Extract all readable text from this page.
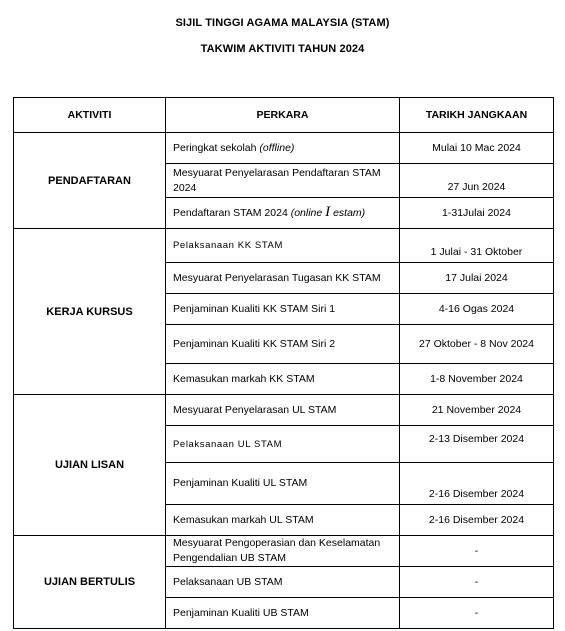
SIJIL TINGGI AGAMA MALAYSIA (STAM)
TAKWIM AKTIVITI TAHUN 2024
AKTIVITI	PERKARA	TARIKH JANGKAAN
PENDAFTARAN	Peringkat sekolah (offline)	Mulai 10 Mac 2024
	Mesyuarat Penyelarasan Pendaftaran STAM 2024	27 Jun 2024
	Pendaftaran STAM 2024 (online I estam)	1-31Julai 2024
KERJA KURSUS	Pelaksanaan KK STAM	1 Julai - 31 Oktober
	Mesyuarat Penyelarasan Tugasan KK STAM	17 Julai 2024
	Penjaminan Kualiti KK STAM Siri 1	4-16 Ogas 2024
	Penjaminan Kualiti KK STAM Siri 2	27 Oktober - 8 Nov 2024
	Kemasukan markah KK STAM	1-8 November 2024
UJIAN LISAN	Mesyuarat Penyelarasan UL STAM	21 November 2024
	Pelaksanaan UL STAM	2-13 Disember 2024
	Penjaminan Kualiti UL STAM	2-16 Disember 2024
	Kemasukan markah UL STAM	2-16 Disember 2024
UJIAN BERTULIS	Mesyuarat Pengoperasian dan Keselamatan Pengendalian UB STAM	-
	Pelaksanaan UB STAM	-
	Penjaminan Kualiti UB STAM	-
